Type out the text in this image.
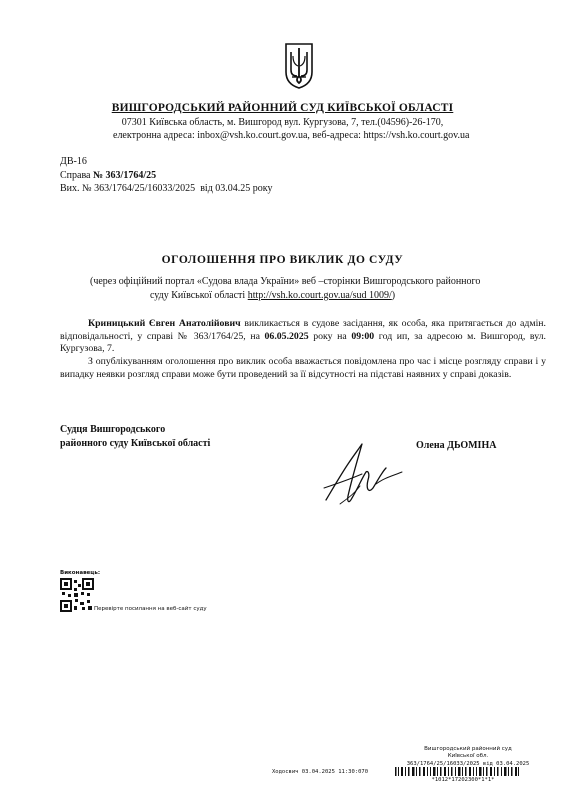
ВИШГОРОДСЬКИЙ РАЙОННИЙ СУД КИЇВСЬКОЇ ОБЛАСТІ
07301 Київська область, м. Вишгород вул. Кургузова, 7, тел.(04596)-26-170,
електронна адреса: inbox@vsh.ko.court.gov.ua, веб-адреса: https://vsh.ko.court.gov.ua
ДВ-16
Справа № 363/1764/25
Вих. № 363/1764/25/16033/2025 від 03.04.25 року
ОГОЛОШЕННЯ ПРО ВИКЛИК ДО СУДУ
(через офіційний портал «Судова влада України» веб –сторінки Вишгородського районного
суду Київської області http://vsh.ko.court.gov.ua/sud 1009/)
Криницький Євген Анатолійович викликається в судове засідання, як особа, яка притягається до адмін. відповідальності, у справі № 363/1764/25, на 06.05.2025 року на 09:00 год ип, за адресою м. Вишгород, вул. Кургузова, 7.
З опублікуванням оголошення про виклик особа вважається повідомлена про час і місце розгляду справи і у випадку неявки розгляд справи може бути проведений за її відсутності на підставі наявних у справі доказів.
Судця Вишгородського
районного суду Київської області	Олена ДЬОМІНА
Виконавець:
Перевірте посилання на веб-сайт суду
Вишгородський районний суд
Київської обл.
363/1764/25/16033/2025 від 03.04.2025
Ходосвич 03.04.2025 11:30:070
*1012*17202300*1*1*
